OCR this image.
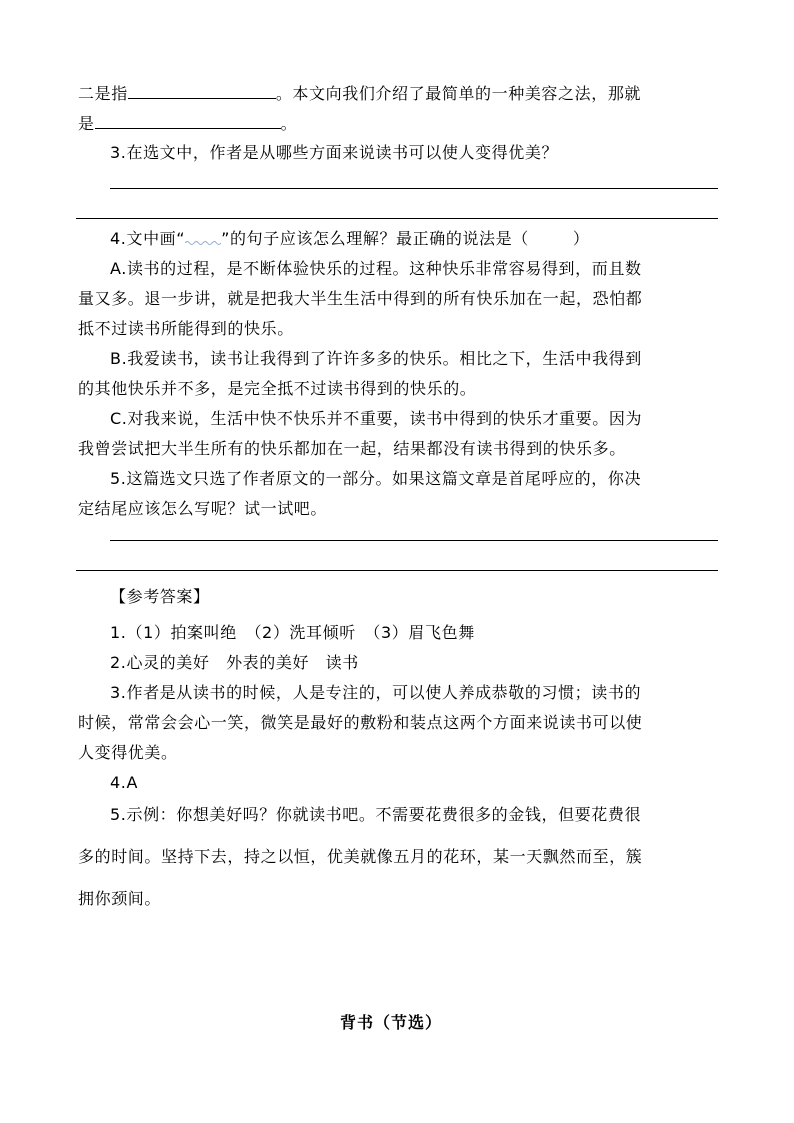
二是指	。本文向我们介绍了最简单的一种美容之法，那就
是	。
3.在选文中，作者是从哪些方面来说读书可以使人变得优美？
4.文中画“ ”的句子应该怎么理解？最正确的说法是（	）
A.读书的过程，是不断体验快乐的过程。这种快乐非常容易得到，而且数
量又多。退一步讲，就是把我大半生生活中得到的所有快乐加在一起，恐怕都
抵不过读书所能得到的快乐。
B.我爱读书，读书让我得到了许许多多的快乐。相比之下，生活中我得到
的其他快乐并不多，是完全抵不过读书得到的快乐的。
C.对我来说，生活中快不快乐并不重要，读书中得到的快乐才重要。因为
我曾尝试把大半生所有的快乐都加在一起，结果都没有读书得到的快乐多。
5.这篇选文只选了作者原文的一部分。如果这篇文章是首尾呼应的，你决
定结尾应该怎么写呢？试一试吧。
【参考答案】
1.（1）拍案叫绝　（2）洗耳倾听　（3）眉飞色舞
2.心灵的美好　外表的美好　读书
3.作者是从读书的时候，人是专注的，可以使人养成恭敬的习惯；读书的
时候，常常会会心一笑，微笑是最好的敷粉和装点这两个方面来说读书可以使
人变得优美。
4.A
5.示例：你想美好吗？你就读书吧。不需要花费很多的金钱，但要花费很
多的时间。坚持下去，持之以恒，优美就像五月的花环，某一天飘然而至，簇
拥你颈间。
背书（节选）
